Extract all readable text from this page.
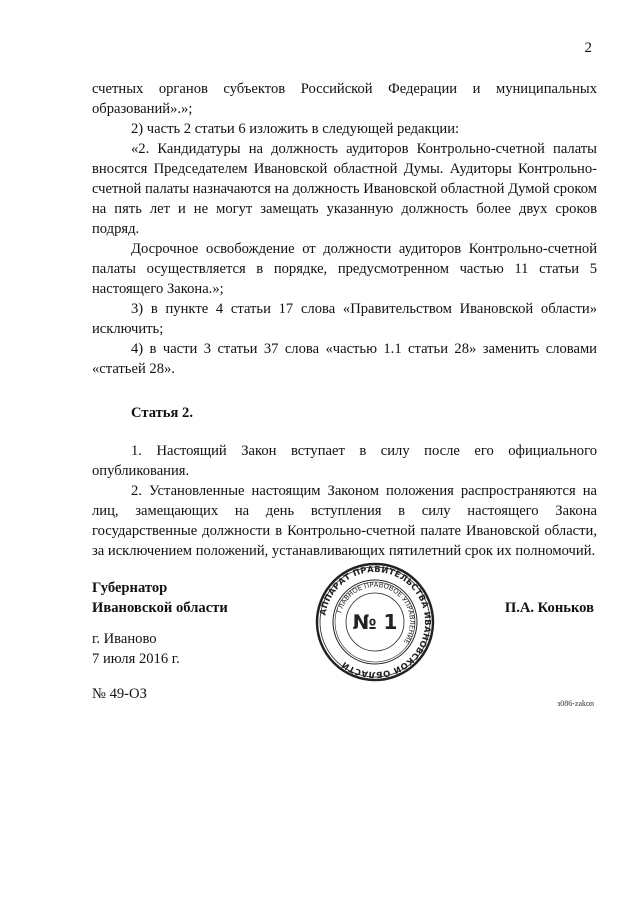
2

счетных органов субъектов Российской Федерации и муниципальных образований».»;

2) часть 2 статьи 6 изложить в следующей редакции:

«2. Кандидатуры на должность аудиторов Контрольно-счетной палаты вносятся Председателем Ивановской областной Думы. Аудиторы Контрольно-счетной палаты назначаются на должность Ивановской областной Думой сроком на пять лет и не могут замещать указанную должность более двух сроков подряд.

Досрочное освобождение от должности аудиторов Контрольно-счетной палаты осуществляется в порядке, предусмотренном частью 11 статьи 5 настоящего Закона.»;

3) в пункте 4 статьи 17 слова «Правительством Ивановской области» исключить;

4) в части 3 статьи 37 слова «частью 1.1 статьи 28» заменить словами «статьей 28».

Статья 2.

1. Настоящий Закон вступает в силу после его официального опубликования.

2. Установленные настоящим Законом положения распространяются на лиц, замещающих на день вступления в силу настоящего Закона государственные должности в Контрольно-счетной палате Ивановской области, за исключением положений, устанавливающих пятилетний срок их полномочий.

Губернатор
Ивановской области	П.А. Коньков
г. Иваново
7 июля 2016 г.
№ 49-ОЗ
АППАРАТ ПРАВИТЕЛЬСТВА ИВАНОВСКОЙ ОБЛАСТИ
ГЛАВНОЕ ПРАВОВОЕ УПРАВЛЕНИЕ
№ 1
з086-zakon
